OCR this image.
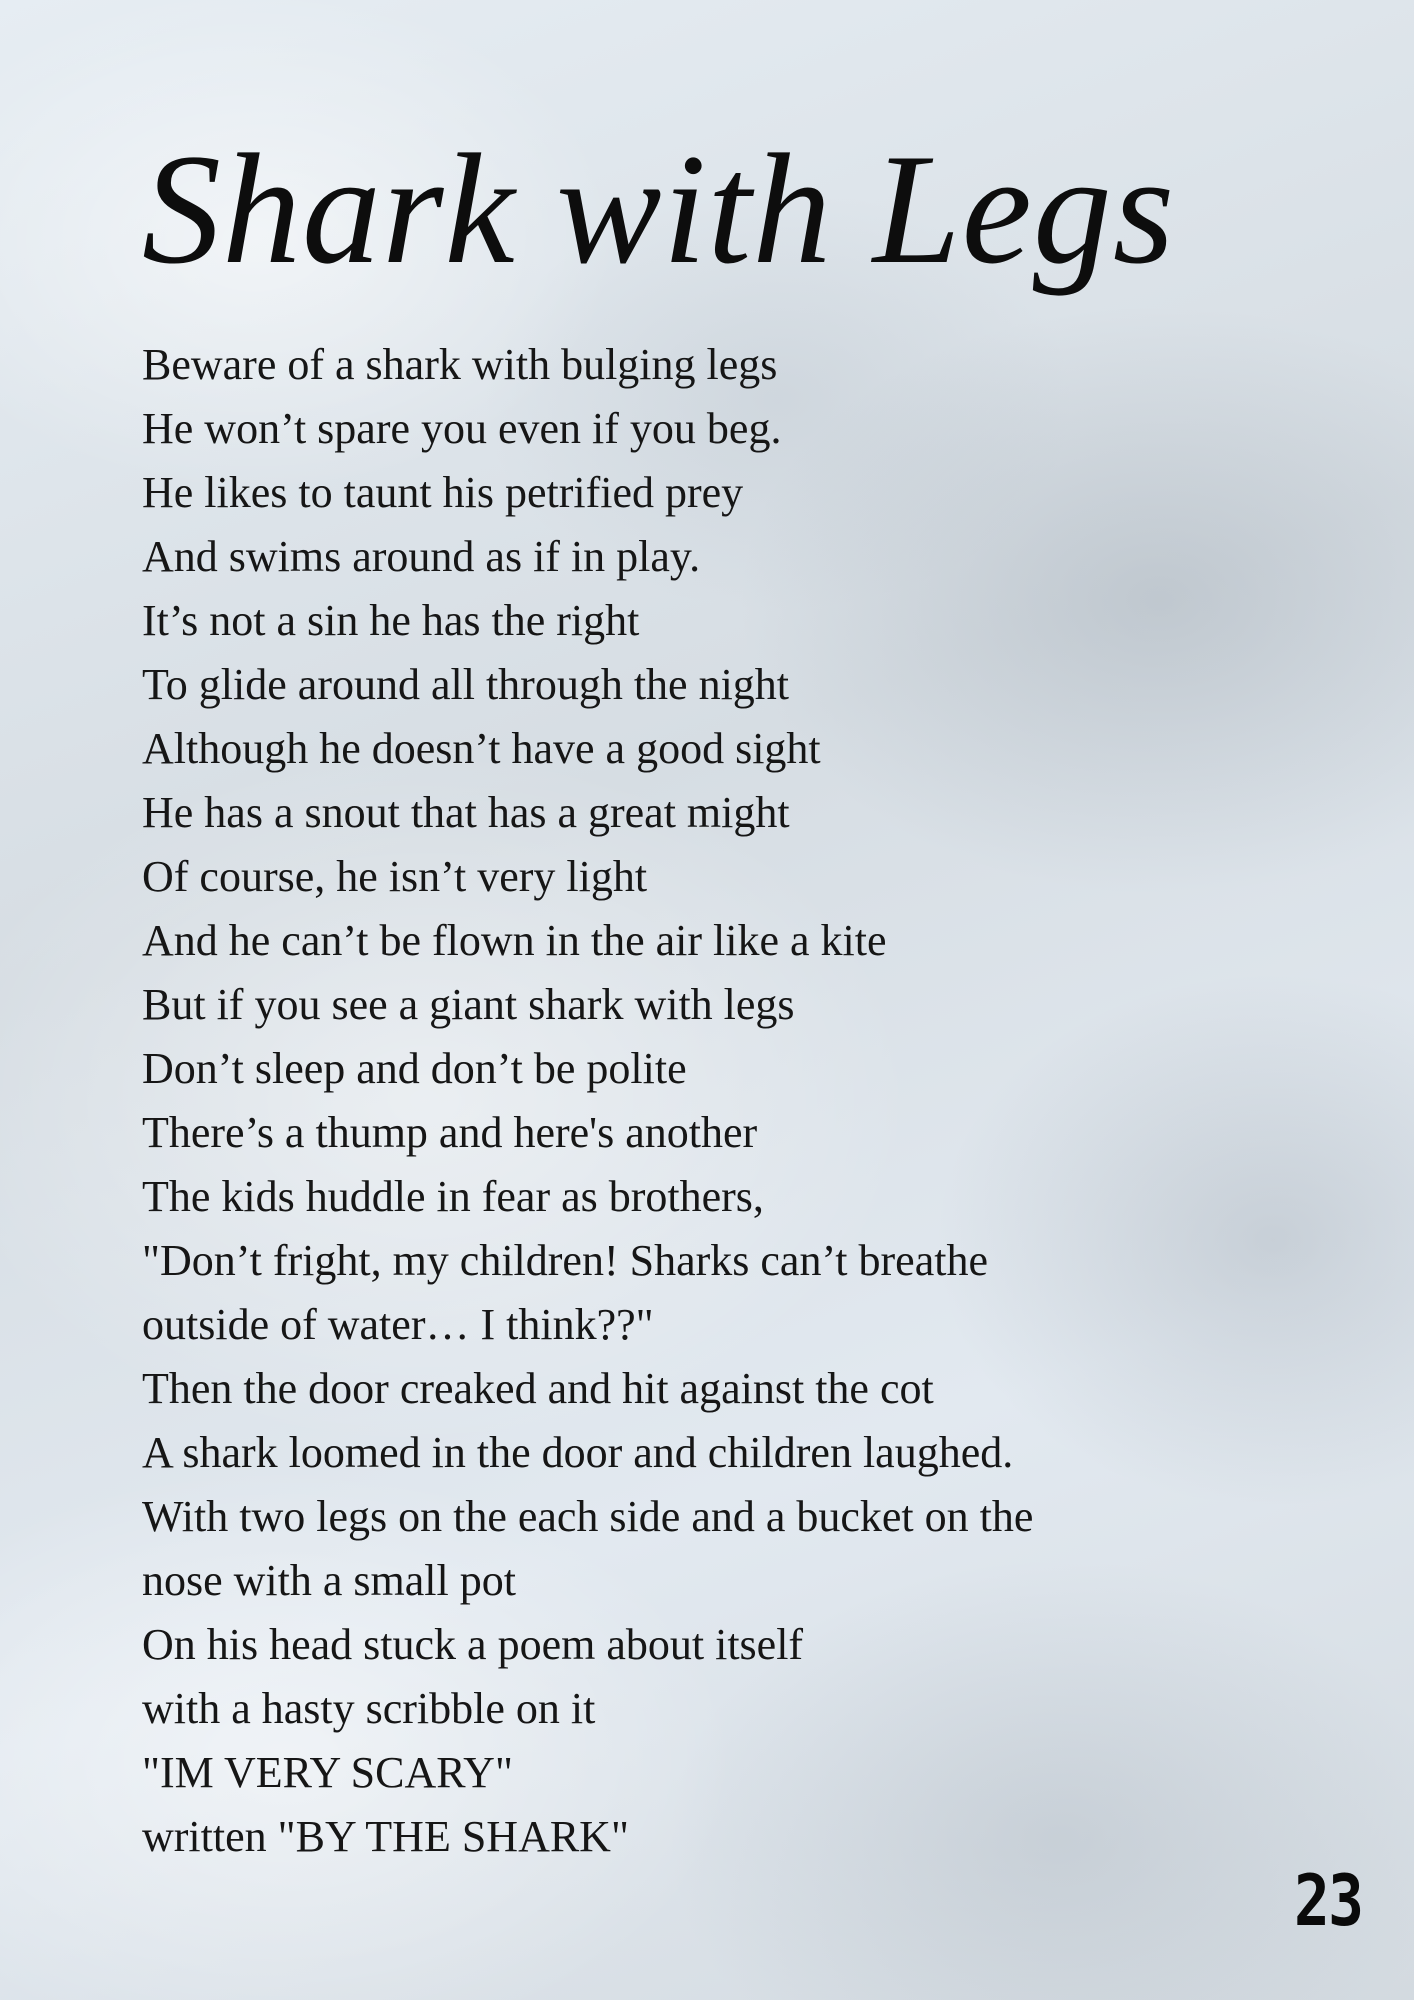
Shark with Legs
Beware of a shark with bulging legs
He won’t spare you even if you beg.
He likes to taunt his petrified prey
And swims around as if in play.
It’s not a sin he has the right
To glide around all through the night
Although he doesn’t have a good sight
He has a snout that has a great might
Of course, he isn’t very light
And he can’t be flown in the air like a kite
But if you see a giant shark with legs
Don’t sleep and don’t be polite
There’s a thump and here's another
The kids huddle in fear as brothers,
"Don’t fright, my children! Sharks can’t breathe
outside of water… I think??"
Then the door creaked and hit against the cot
A shark loomed in the door and children laughed.
With two legs on the each side and a bucket on the
nose with a small pot
On his head stuck a poem about itself
with a hasty scribble on it
"IM VERY SCARY"
written "BY THE SHARK"
23
